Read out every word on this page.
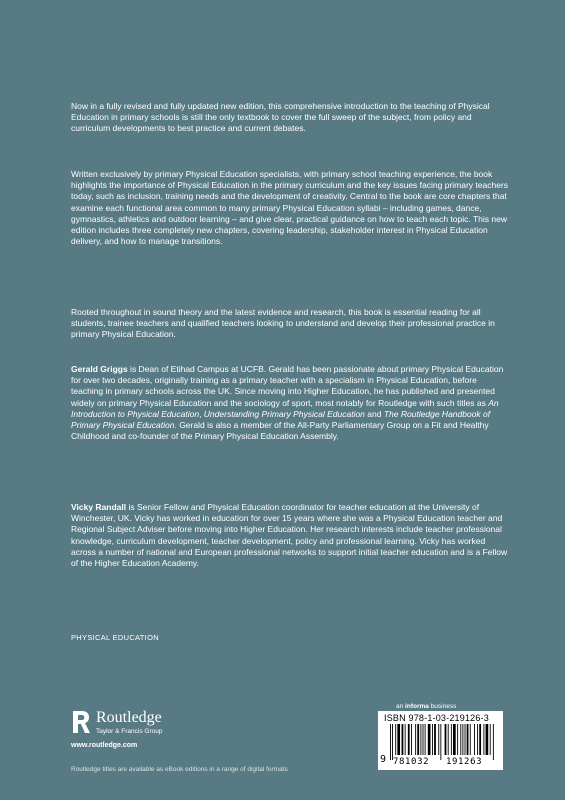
Now in a fully revised and fully updated new edition, this comprehensive introduction to the teaching of Physical Education in primary schools is still the only textbook to cover the full sweep of the subject, from policy and curriculum developments to best practice and current debates.

Written exclusively by primary Physical Education specialists, with primary school teaching experience, the book highlights the importance of Physical Education in the primary curriculum and the key issues facing primary teachers today, such as inclusion, training needs and the development of creativity. Central to the book are core chapters that examine each functional area common to many primary Physical Education syllabi – including games, dance, gymnastics, athletics and outdoor learning – and give clear, practical guidance on how to teach each topic. This new edition includes three completely new chapters, covering leadership, stakeholder interest in Physical Education delivery, and how to manage transitions.

Rooted throughout in sound theory and the latest evidence and research, this book is essential reading for all students, trainee teachers and qualified teachers looking to understand and develop their professional practice in primary Physical Education.

Gerald Griggs is Dean of Etihad Campus at UCFB. Gerald has been passionate about primary Physical Education for over two decades, originally training as a primary teacher with a specialism in Physical Education, before teaching in primary schools across the UK. Since moving into Higher Education, he has published and presented widely on primary Physical Education and the sociology of sport, most notably for Routledge with such titles as An Introduction to Physical Education, Understanding Primary Physical Education and The Routledge Handbook of Primary Physical Education. Gerald is also a member of the All-Party Parliamentary Group on a Fit and Healthy Childhood and co-founder of the Primary Physical Education Assembly.

Vicky Randall is Senior Fellow and Physical Education coordinator for teacher education at the University of Winchester, UK. Vicky has worked in education for over 15 years where she was a Physical Education teacher and Regional Subject Adviser before moving into Higher Education. Her research interests include teacher professional knowledge, curriculum development, teacher development, policy and professional learning. Vicky has worked across a number of national and European professional networks to support initial teacher education and is a Fellow of the Higher Education Academy.

PHYSICAL EDUCATION
Routledge
Taylor & Francis Group
www.routledge.com
Routledge titles are available as eBook editions in a range of digital formats
an informa business
ISBN 978-1-03-219126-3
9 781032 191263
